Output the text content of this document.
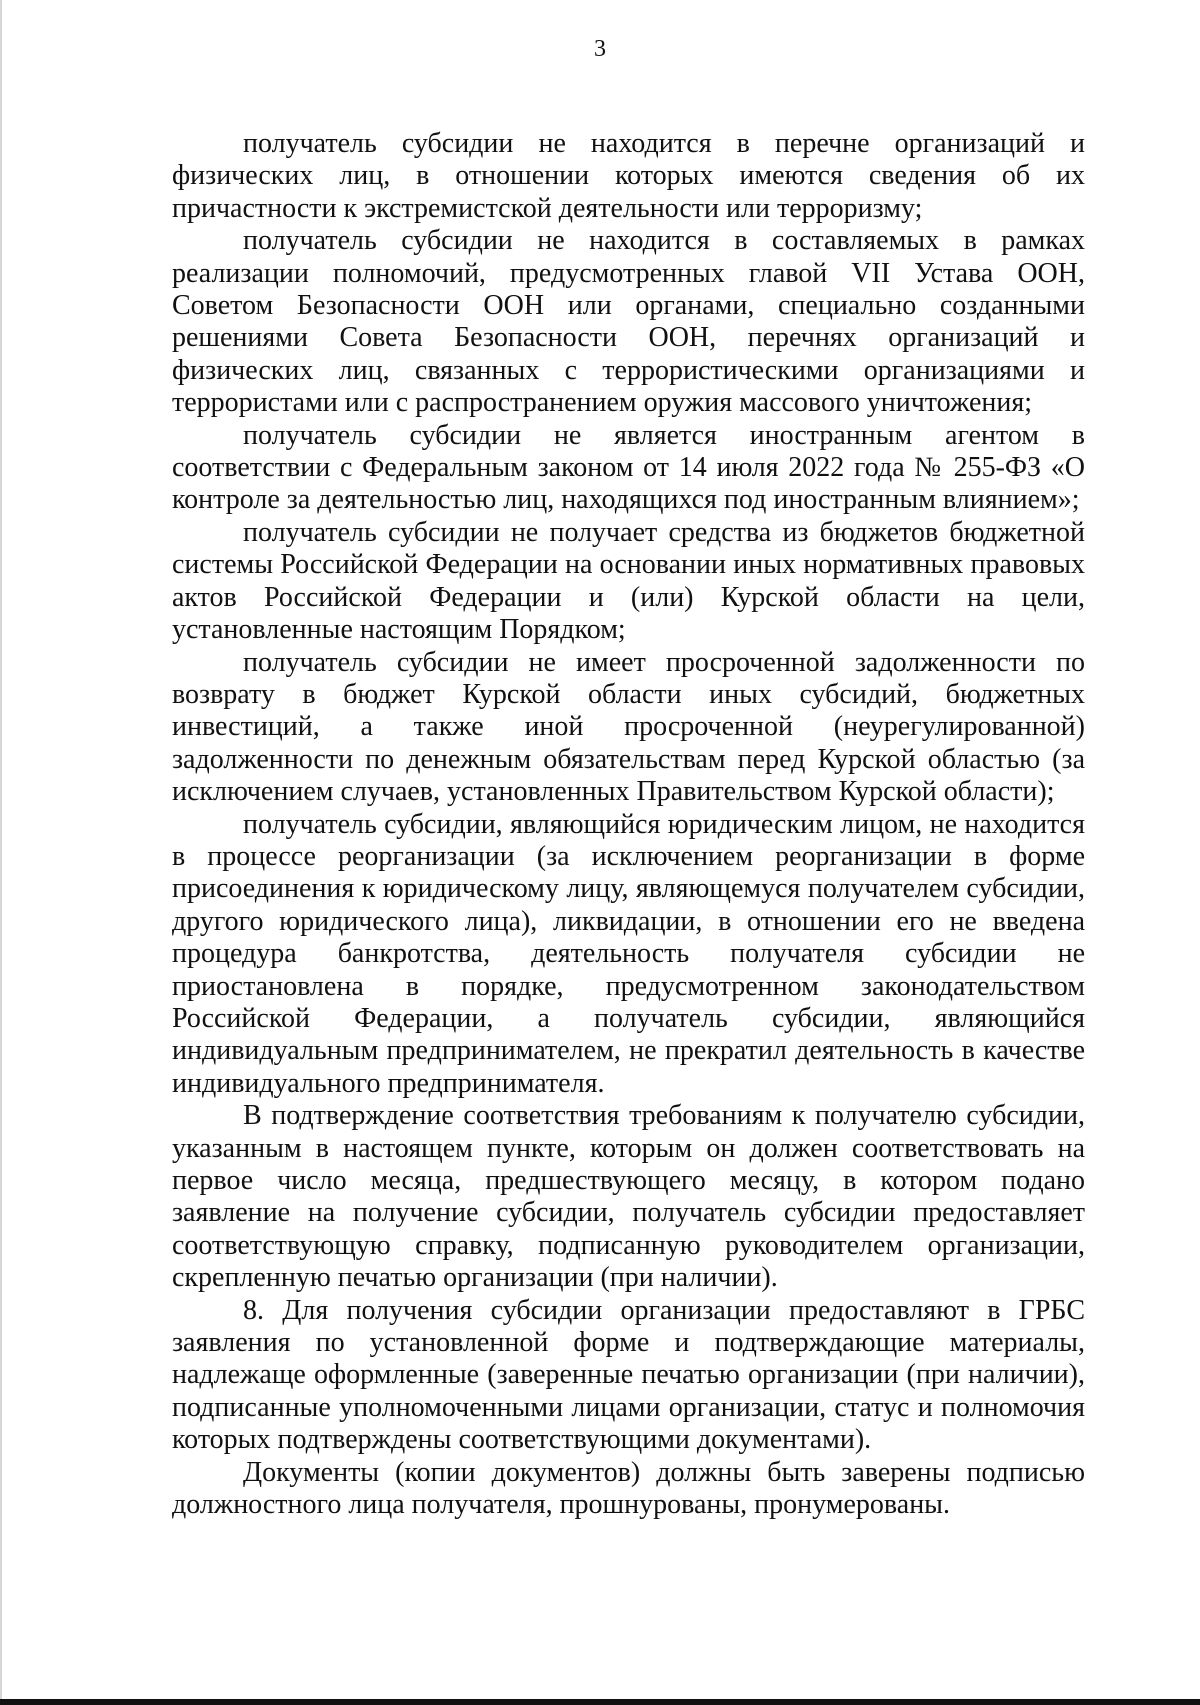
3

получатель субсидии не находится в перечне организаций и физических лиц, в отношении которых имеются сведения об их причастности к экстремистской деятельности или терроризму;

получатель субсидии не находится в составляемых в рамках реализации полномочий, предусмотренных главой VII Устава ООН, Советом Безопасности ООН или органами, специально созданными решениями Совета Безопасности ООН, перечнях организаций и физических лиц, связанных с террористическими организациями и террористами или с распространением оружия массового уничтожения;

получатель субсидии не является иностранным агентом в соответствии с Федеральным законом от 14 июля 2022 года № 255-ФЗ «О контроле за деятельностью лиц, находящихся под иностранным влиянием»;

получатель субсидии не получает средства из бюджетов бюджетной системы Российской Федерации на основании иных нормативных правовых актов Российской Федерации и (или) Курской области на цели, установленные настоящим Порядком;

получатель субсидии не имеет просроченной задолженности по возврату в бюджет Курской области иных субсидий, бюджетных инвестиций, а также иной просроченной (неурегулированной) задолженности по денежным обязательствам перед Курской областью (за исключением случаев, установленных Правительством Курской области);

получатель субсидии, являющийся юридическим лицом, не находится в процессе реорганизации (за исключением реорганизации в форме присоединения к юридическому лицу, являющемуся получателем субсидии, другого юридического лица), ликвидации, в отношении его не введена процедура банкротства, деятельность получателя субсидии не приостановлена в порядке, предусмотренном законодательством Российской Федерации, а получатель субсидии, являющийся индивидуальным предпринимателем, не прекратил деятельность в качестве индивидуального предпринимателя.

В подтверждение соответствия требованиям к получателю субсидии, указанным в настоящем пункте, которым он должен соответствовать на первое число месяца, предшествующего месяцу, в котором подано заявление на получение субсидии, получатель субсидии предоставляет соответствующую справку, подписанную руководителем организации, скрепленную печатью организации (при наличии).

8. Для получения субсидии организации предоставляют в ГРБС заявления по установленной форме и подтверждающие материалы, надлежаще оформленные (заверенные печатью организации (при наличии), подписанные уполномоченными лицами организации, статус и полномочия которых подтверждены соответствующими документами).

Документы (копии документов) должны быть заверены подписью должностного лица получателя, прошнурованы, пронумерованы.
